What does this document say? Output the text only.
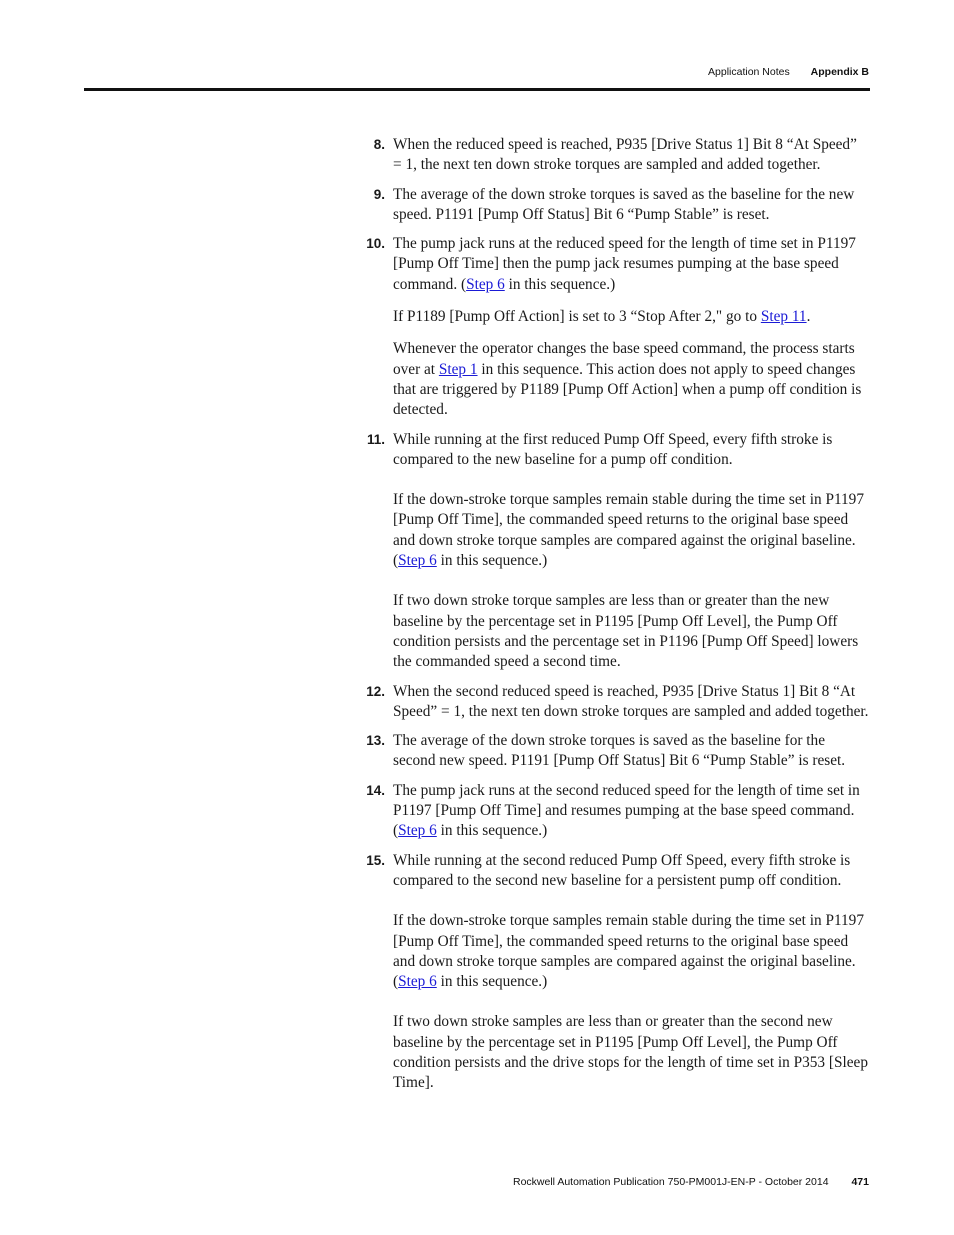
Application Notes Appendix B
8. When the reduced speed is reached, P935 [Drive Status 1] Bit 8 “At Speed” = 1, the next ten down stroke torques are sampled and added together.

9. The average of the down stroke torques is saved as the baseline for the new speed. P1191 [Pump Off Status] Bit 6 “Pump Stable” is reset.

10. The pump jack runs at the reduced speed for the length of time set in P1197 [Pump Off Time] then the pump jack resumes pumping at the base speed command. (Step 6 in this sequence.)

If P1189 [Pump Off Action] is set to 3 “Stop After 2," go to Step 11.

Whenever the operator changes the base speed command, the process starts over at Step 1 in this sequence. This action does not apply to speed changes that are triggered by P1189 [Pump Off Action] when a pump off condition is detected.

11. While running at the first reduced Pump Off Speed, every fifth stroke is compared to the new baseline for a pump off condition.

If the down-stroke torque samples remain stable during the time set in P1197 [Pump Off Time], the commanded speed returns to the original base speed and down stroke torque samples are compared against the original baseline. (Step 6 in this sequence.)

If two down stroke torque samples are less than or greater than the new baseline by the percentage set in P1195 [Pump Off Level], the Pump Off condition persists and the percentage set in P1196 [Pump Off Speed] lowers the commanded speed a second time.

12. When the second reduced speed is reached, P935 [Drive Status 1] Bit 8 “At Speed” = 1, the next ten down stroke torques are sampled and added together.

13. The average of the down stroke torques is saved as the baseline for the second new speed. P1191 [Pump Off Status] Bit 6 “Pump Stable” is reset.

14. The pump jack runs at the second reduced speed for the length of time set in P1197 [Pump Off Time] and resumes pumping at the base speed command. (Step 6 in this sequence.)

15. While running at the second reduced Pump Off Speed, every fifth stroke is compared to the second new baseline for a persistent pump off condition.

If the down-stroke torque samples remain stable during the time set in P1197 [Pump Off Time], the commanded speed returns to the original base speed and down stroke torque samples are compared against the original baseline. (Step 6 in this sequence.)

If two down stroke samples are less than or greater than the second new baseline by the percentage set in P1195 [Pump Off Level], the Pump Off condition persists and the drive stops for the length of time set in P353 [Sleep Time].

Rockwell Automation Publication 750-PM001J-EN-P - October 2014 471
